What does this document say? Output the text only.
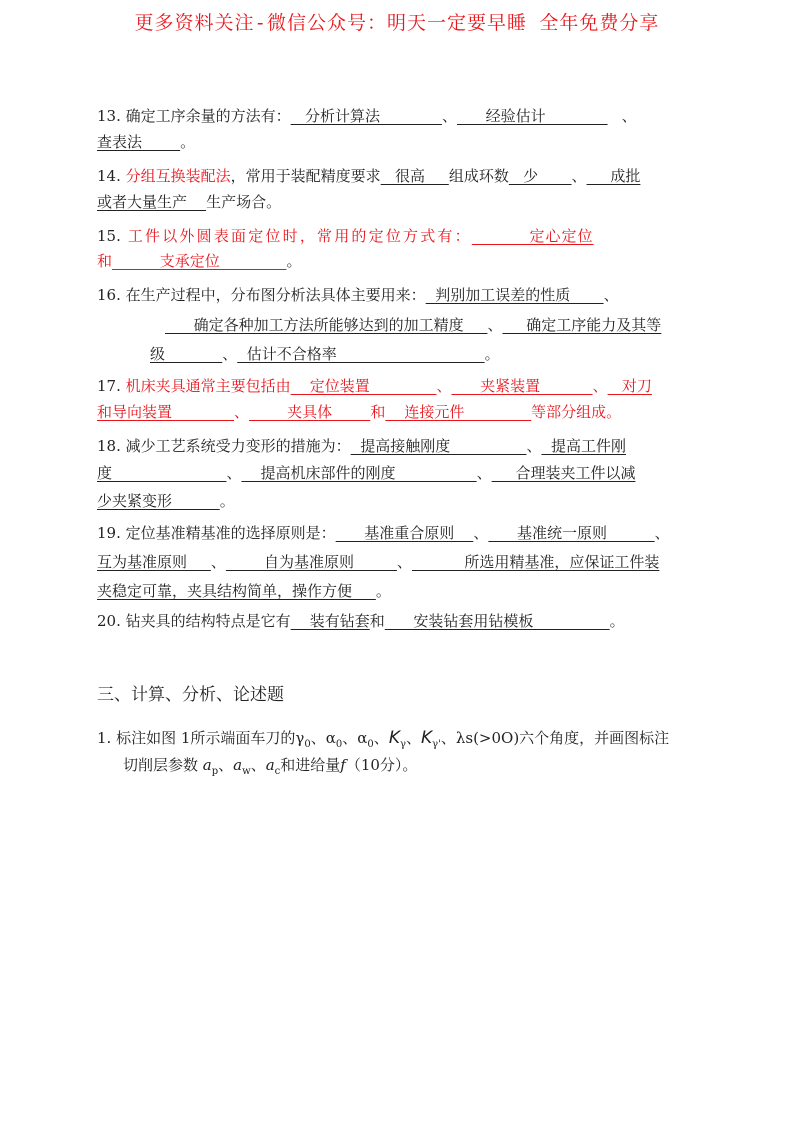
更多资料关注-微信公众号：明天一定要早睡 全年免费分享
13. 确定工序余量的方法有：   分析计算法             、      经验估计             、
查表法        。
14. 分组互换装配法，常用于装配精度要求   很高     组成环数   少       、     成批
或者大量生产    生产场合。
15. 工件以外圆表面定位时，常用的定位方式有：          定心定位
和          支承定位              。
16. 在生产过程中，分布图分析法具体主要用来：  判别加工误差的性质       、
确定各种加工方法所能够达到的加工精度     、     确定工序能力及其等
级            、  估计不合格率                               。
17. 机床夹具通常主要包括由    定位装置              、      夹紧装置           、   对刀
和导向装置             、        夹具体        和    连接元件              等部分组成。
18. 减少工艺系统受力变形的措施为：  提高接触刚度                、  提高工件刚
度                        、    提高机床部件的刚度                 、     合理装夹工件以减
少夹紧变形          。
19. 定位基准精基准的选择原则是：      基准重合原则    、      基准统一原则          、
互为基准原则     、        自为基准原则         、           所选用精基准，应保证工件装
夹稳定可靠，夹具结构简单，操作方便     。
20. 钻夹具的结构特点是它有    装有钻套和      安装钻套用钻模板                。
三、计算、分析、论述题
1. 标注如图 1所示端面车刀的$\gamma_0$、$\alpha_0$、$\alpha_0$、$K_\gamma$、$K_{\gamma'}$、λs(>0O)六个角度，并画图标注
切削层参数 $a_p$、$a_w$、$a_c$和进给量f（10分）。
